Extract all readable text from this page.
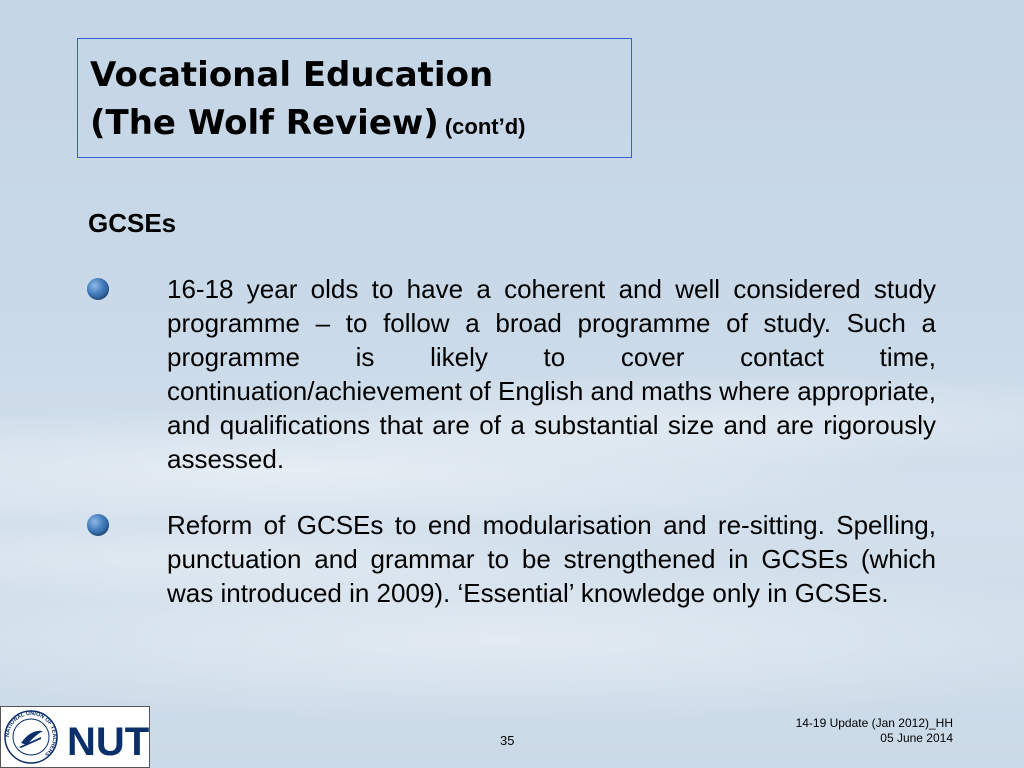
Vocational Education
(The Wolf Review) (cont’d)
GCSEs
16-18 year olds to have a coherent and well considered study programme – to follow a broad programme of study. Such a programme is likely to cover contact time, continuation/achievement of English and maths where appropriate, and qualifications that are of a substantial size and are rigorously assessed.
Reform of GCSEs to end modularisation and re-sitting. Spelling, punctuation and grammar to be strengthened in GCSEs (which was introduced in 2009). ‘Essential’ knowledge only in GCSEs.
NATIONAL UNION OF TEACHERS NUT	35
14-19 Update (Jan 2012)_HH
05 June 2014
